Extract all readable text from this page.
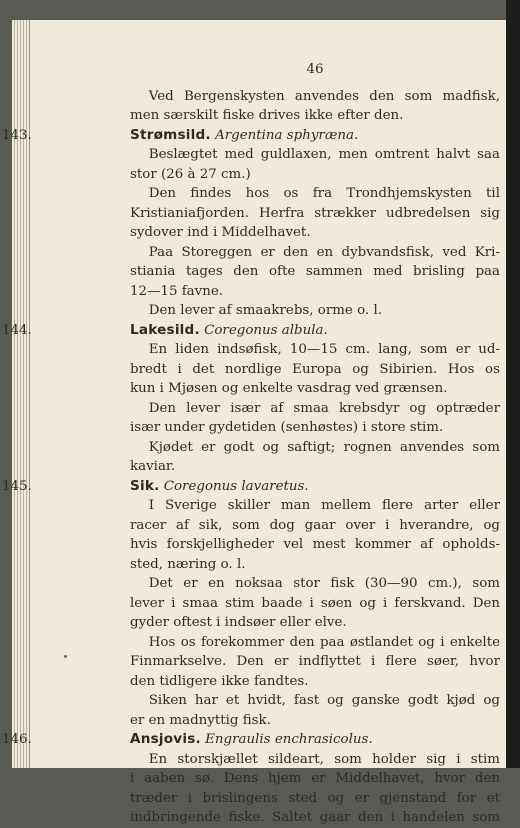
46
Ved Bergenskysten anvendes den som madfisk,
men særskilt fiske drives ikke efter den.
143.	Strømsild. Argentina sphyræna.
Beslægtet med guldlaxen, men omtrent halvt saa
stor (26 à 27 cm.)
Den findes hos os fra Trondhjemskysten til
Kristianiafjorden. Herfra strækker udbredelsen sig
sydover ind i Middelhavet.
Paa Storeggen er den en dybvandsfisk, ved Kri-
stiania tages den ofte sammen med brisling paa
12—15 favne.
Den lever af smaakrebs, orme o. l.
144.	Lakesild. Coregonus albula.
En liden indsøfisk, 10—15 cm. lang, som er ud-
bredt i det nordlige Europa og Sibirien. Hos os
kun i Mjøsen og enkelte vasdrag ved grænsen.
Den lever især af smaa krebsdyr og optræder
især under gydetiden (senhøstes) i store stim.
Kjødet er godt og saftigt; rognen anvendes som
kaviar.
145.	Sik. Coregonus lavaretus.
I Sverige skiller man mellem flere arter eller
racer af sik, som dog gaar over i hverandre, og
hvis forskjelligheder vel mest kommer af opholds-
sted, næring o. l.
Det er en noksaa stor fisk (30—90 cm.), som
lever i smaa stim baade i søen og i ferskvand. Den
gyder oftest i indsøer eller elve.
Hos os forekommer den paa østlandet og i enkelte
Finmarkselve. Den er indflyttet i flere søer, hvor
den tidligere ikke fandtes.
Siken har et hvidt, fast og ganske godt kjød og
er en madnyttig fisk.
146.	Ansjovis. Engraulis enchrasicolus.
En storskjællet sildeart, som holder sig i stim
i aaben sø. Dens hjem er Middelhavet, hvor den
træder i brislingens sted og er gjenstand for et
indbringende fiske. Saltet gaar den i handelen som
